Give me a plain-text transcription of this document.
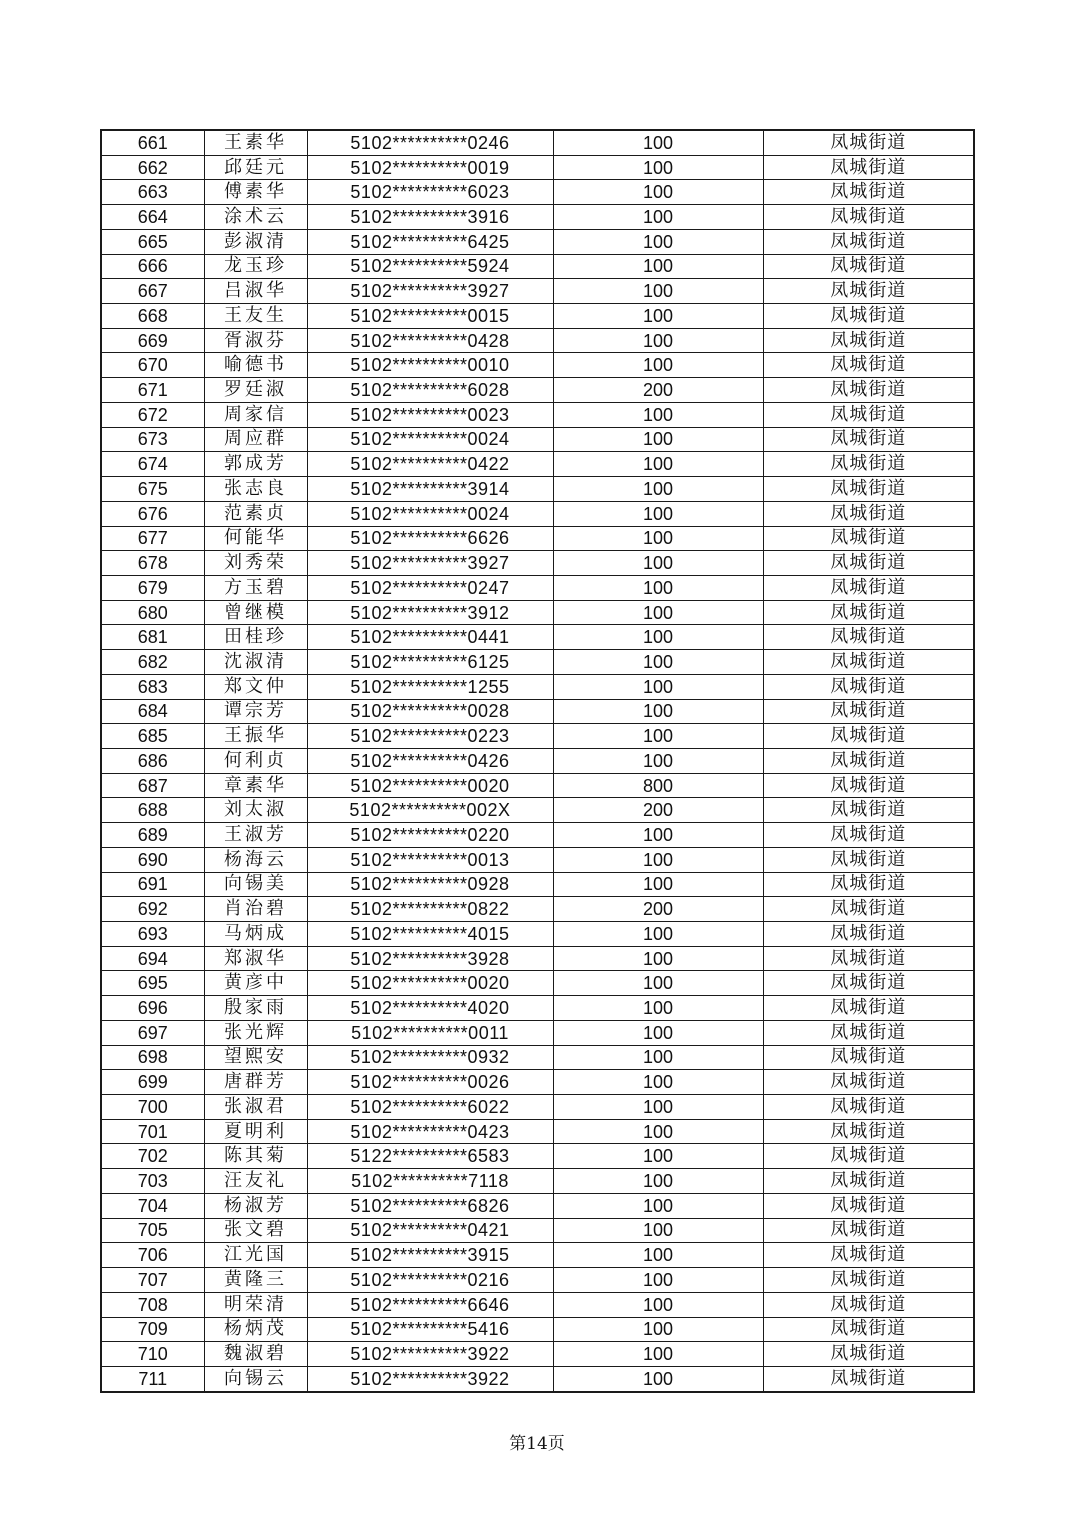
661	王素华	5102**********0246	100	凤城街道
662	邱廷元	5102**********0019	100	凤城街道
663	傅素华	5102**********6023	100	凤城街道
664	涂术云	5102**********3916	100	凤城街道
665	彭淑清	5102**********6425	100	凤城街道
666	龙玉珍	5102**********5924	100	凤城街道
667	吕淑华	5102**********3927	100	凤城街道
668	王友生	5102**********0015	100	凤城街道
669	胥淑芬	5102**********0428	100	凤城街道
670	喻德书	5102**********0010	100	凤城街道
671	罗廷淑	5102**********6028	200	凤城街道
672	周家信	5102**********0023	100	凤城街道
673	周应群	5102**********0024	100	凤城街道
674	郭成芳	5102**********0422	100	凤城街道
675	张志良	5102**********3914	100	凤城街道
676	范素贞	5102**********0024	100	凤城街道
677	何能华	5102**********6626	100	凤城街道
678	刘秀荣	5102**********3927	100	凤城街道
679	方玉碧	5102**********0247	100	凤城街道
680	曾继模	5102**********3912	100	凤城街道
681	田桂珍	5102**********0441	100	凤城街道
682	沈淑清	5102**********6125	100	凤城街道
683	郑文仲	5102**********1255	100	凤城街道
684	谭宗芳	5102**********0028	100	凤城街道
685	王振华	5102**********0223	100	凤城街道
686	何利贞	5102**********0426	100	凤城街道
687	章素华	5102**********0020	800	凤城街道
688	刘太淑	5102**********002X	200	凤城街道
689	王淑芳	5102**********0220	100	凤城街道
690	杨海云	5102**********0013	100	凤城街道
691	向锡美	5102**********0928	100	凤城街道
692	肖治碧	5102**********0822	200	凤城街道
693	马炳成	5102**********4015	100	凤城街道
694	郑淑华	5102**********3928	100	凤城街道
695	黄彦中	5102**********0020	100	凤城街道
696	殷家雨	5102**********4020	100	凤城街道
697	张光辉	5102**********0011	100	凤城街道
698	望熙安	5102**********0932	100	凤城街道
699	唐群芳	5102**********0026	100	凤城街道
700	张淑君	5102**********6022	100	凤城街道
701	夏明利	5102**********0423	100	凤城街道
702	陈其菊	5122**********6583	100	凤城街道
703	汪友礼	5102**********7118	100	凤城街道
704	杨淑芳	5102**********6826	100	凤城街道
705	张文碧	5102**********0421	100	凤城街道
706	江光国	5102**********3915	100	凤城街道
707	黄隆三	5102**********0216	100	凤城街道
708	明荣清	5102**********6646	100	凤城街道
709	杨炳茂	5102**********5416	100	凤城街道
710	魏淑碧	5102**********3922	100	凤城街道
711	向锡云	5102**********3922	100	凤城街道
第14页
